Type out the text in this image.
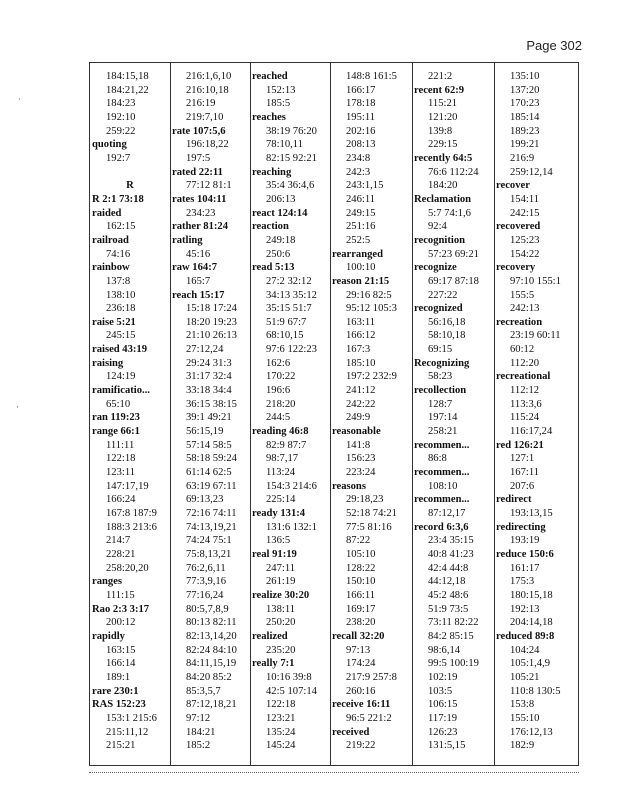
Page 302
184:15,18
184:21,22
184:23
192:10
259:22
quoting
192:7

R
R 2:1 73:18
raided
162:15
railroad
74:16
rainbow
137:8
138:10
236:18
raise 5:21
245:15
raised 43:19
raising
124:19
ramificatio...
65:10
ran 119:23
range 66:1
111:11
122:18
123:11
147:17,19
166:24
167:8 187:9
188:3 213:6
214:7
228:21
258:20,20
ranges
111:15
Rao 2:3 3:17
200:12
rapidly
163:15
166:14
189:1
rare 230:1
RAS 152:23
153:1 215:6
215:11,12
215:21
216:1,6,10
216:10,18
216:19
219:7,10
rate 107:5,6
196:18,22
197:5
rated 22:11
77:12 81:1
rates 104:11
234:23
rather 81:24
ratling
45:16
raw 164:7
165:7
reach 15:17
15:18 17:24
18:20 19:23
21:10 26:13
27:12,24
29:24 31:3
31:17 32:4
33:18 34:4
36:15 38:15
39:1 49:21
56:15,19
57:14 58:5
58:18 59:24
61:14 62:5
63:19 67:11
69:13,23
72:16 74:11
74:13,19,21
74:24 75:1
75:8,13,21
76:2,6,11
77:3,9,16
77:16,24
80:5,7,8,9
80:13 82:11
82:13,14,20
82:24 84:10
84:11,15,19
84:20 85:2
85:3,5,7
87:12,18,21
97:12
184:21
185:2
reached
152:13
185:5
reaches
38:19 76:20
78:10,11
82:15 92:21
reaching
35:4 36:4,6
206:13
react 124:14
reaction
249:18
250:6
read 5:13
27:2 32:12
34:13 35:12
35:15 51:7
51:9 67:7
68:10,15
97:6 122:23
162:6
170:22
196:6
218:20
244:5
reading 46:8
82:9 87:7
98:7,17
113:24
154:3 214:6
225:14
ready 131:4
131:6 132:1
136:5
real 91:19
247:11
261:19
realize 30:20
138:11
250:20
realized
235:20
really 7:1
10:16 39:8
42:5 107:14
122:18
123:21
135:24
145:24
148:8 161:5
166:17
178:18
195:11
202:16
208:13
234:8
242:3
243:1,15
246:11
249:15
251:16
252:5
rearranged
100:10
reason 21:15
29:16 82:5
95:12 105:3
163:11
166:12
167:3
185:10
197:2 232:9
241:12
242:22
249:9
reasonable
141:8
156:23
223:24
reasons
29:18,23
52:18 74:21
77:5 81:16
87:22
105:10
128:22
150:10
166:11
169:17
238:20
recall 32:20
97:13
174:24
217:9 257:8
260:16
receive 16:11
96:5 221:2
received
219:22
221:2
recent 62:9
115:21
121:20
139:8
229:15
recently 64:5
76:6 112:24
184:20
Reclamation
5:7 74:1,6
92:4
recognition
57:23 69:21
recognize
69:17 87:18
227:22
recognized
56:16,18
58:10,18
69:15
Recognizing
58:23
recollection
128:7
197:14
258:21
recommen...
86:8
recommen...
108:10
recommen...
87:12,17
record 6:3,6
23:4 35:15
40:8 41:23
42:4 44:8
44:12,18
45:2 48:6
51:9 73:5
73:11 82:22
84:2 85:15
98:6,14
99:5 100:19
102:19
103:5
106:15
117:19
126:23
131:5,15
135:10
137:20
170:23
185:14
189:23
199:21
216:9
259:12,14
recover
154:11
242:15
recovered
125:23
154:22
recovery
97:10 155:1
155:5
242:13
recreation
23:19 60:11
60:12
112:20
recreational
112:12
113:3,6
115:24
116:17,24
red 126:21
127:1
167:11
207:6
redirect
193:13,15
redirecting
193:19
reduce 150:6
161:17
175:3
180:15,18
192:13
204:14,18
reduced 89:8
104:24
105:1,4,9
105:21
110:8 130:5
153:8
155:10
176:12,13
182:9
·
·
